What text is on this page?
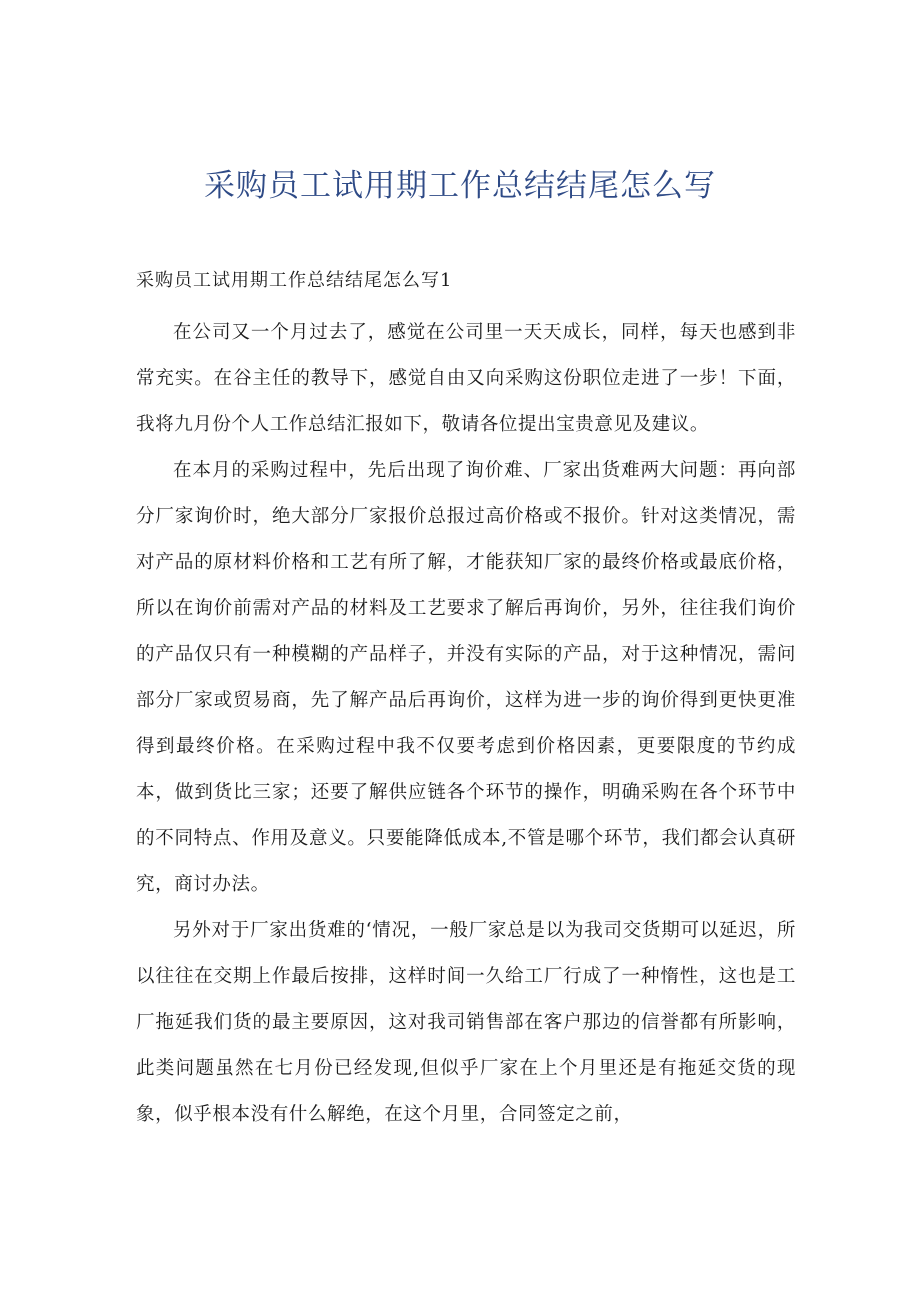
采购员工试用期工作总结结尾怎么写
采购员工试用期工作总结结尾怎么写1

在公司又一个月过去了，感觉在公司里一天天成长，同样，每天也感到非常充实。在谷主任的教导下，感觉自由又向采购这份职位走进了一步！下面，我将九月份个人工作总结汇报如下，敬请各位提出宝贵意见及建议。

在本月的采购过程中，先后出现了询价难、厂家出货难两大问题：再向部分厂家询价时，绝大部分厂家报价总报过高价格或不报价。针对这类情况，需对产品的原材料价格和工艺有所了解，才能获知厂家的最终价格或最底价格，所以在询价前需对产品的材料及工艺要求了解后再询价，另外，往往我们询价的产品仅只有一种模糊的产品样子，并没有实际的产品，对于这种情况，需问部分厂家或贸易商，先了解产品后再询价，这样为进一步的询价得到更快更准得到最终价格。在采购过程中我不仅要考虑到价格因素，更要限度的节约成本，做到货比三家；还要了解供应链各个环节的操作，明确采购在各个环节中的不同特点、作用及意义。只要能降低成本,不管是哪个环节，我们都会认真研究，商讨办法。

另外对于厂家出货难的‘情况，一般厂家总是以为我司交货期可以延迟，所以往往在交期上作最后按排，这样时间一久给工厂行成了一种惰性，这也是工厂拖延我们货的最主要原因，这对我司销售部在客户那边的信誉都有所影响，此类问题虽然在七月份已经发现,但似乎厂家在上个月里还是有拖延交货的现象，似乎根本没有什么解绝，在这个月里，合同签定之前，
